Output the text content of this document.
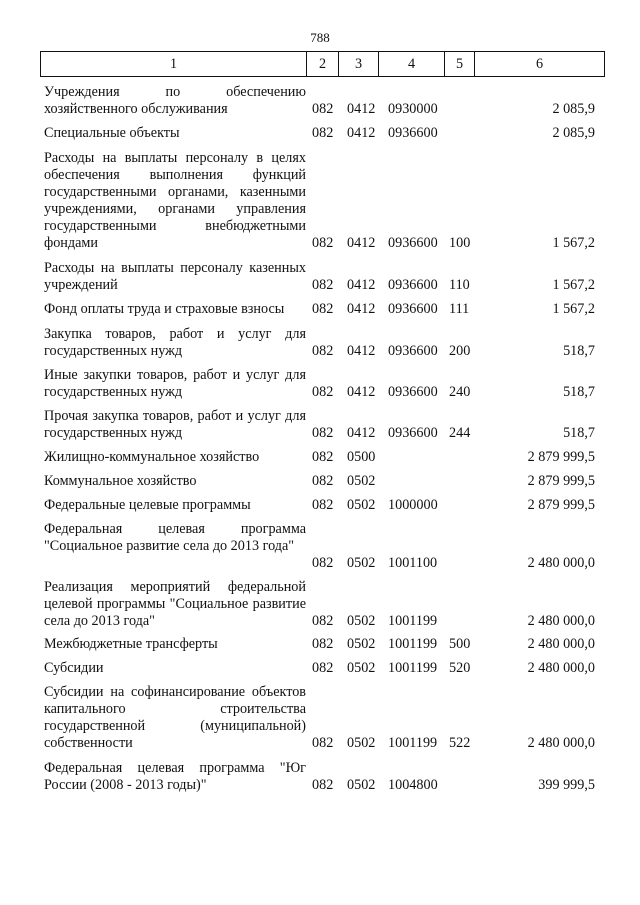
788
1	2	3	4	5	6
Учреждения по обеспечению хозяйственного обслуживания	082 0412 0930000	2 085,9
Специальные объекты	082 0412 0936600	2 085,9
Расходы на выплаты персоналу в целях обеспечения выполнения функций государственными органами, казенными учреждениями, органами управления государственными внебюджетными фондами	082 0412 0936600 100	1 567,2
Расходы на выплаты персоналу казенных учреждений	082 0412 0936600 110	1 567,2
Фонд оплаты труда и страховые взносы	082 0412 0936600 111	1 567,2
Закупка товаров, работ и услуг для государственных нужд	082 0412 0936600 200	518,7
Иные закупки товаров, работ и услуг для государственных нужд	082 0412 0936600 240	518,7
Прочая закупка товаров, работ и услуг для государственных нужд	082 0412 0936600 244	518,7
Жилищно-коммунальное хозяйство	082 0500	2 879 999,5
Коммунальное хозяйство	082 0502	2 879 999,5
Федеральные целевые программы	082 0502 1000000	2 879 999,5
Федеральная целевая программа "Социальное развитие села до 2013 года"
082 0502 1001100	2 480 000,0
Реализация мероприятий федеральной целевой программы "Социальное развитие села до 2013 года"	082 0502 1001199	2 480 000,0
Межбюджетные трансферты	082 0502 1001199 500	2 480 000,0
Субсидии	082 0502 1001199 520	2 480 000,0
Субсидии на софинансирование объектов капитального строительства государственной (муниципальной) собственности	082 0502 1001199 522	2 480 000,0
Федеральная целевая программа "Юг России (2008 - 2013 годы)"	082 0502 1004800	399 999,5
